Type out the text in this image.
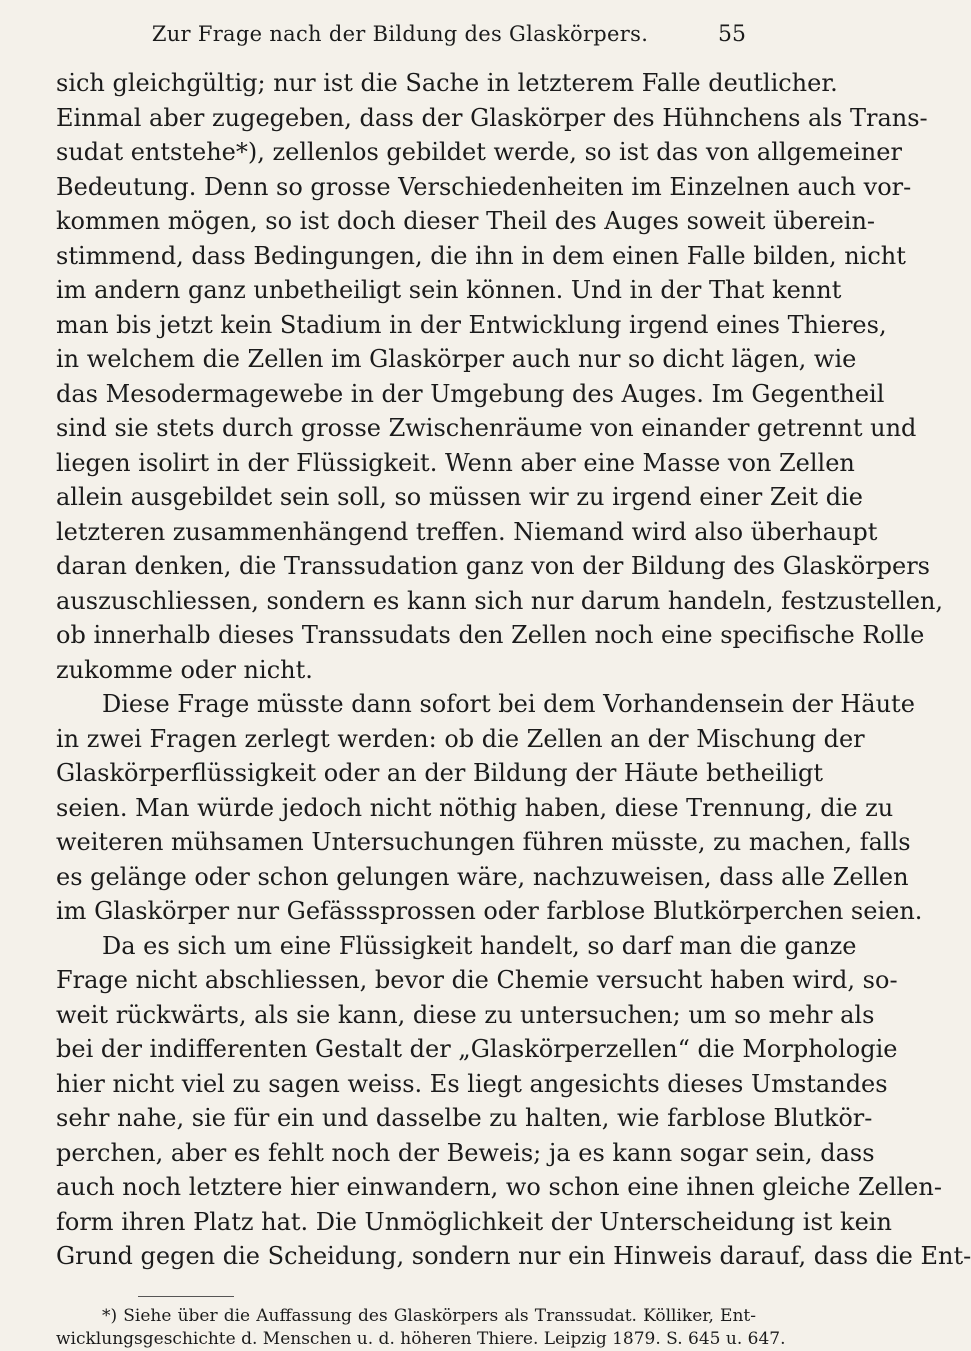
Zur Frage nach der Bildung des Glaskörpers.	55
sich gleichgültig; nur ist die Sache in letzterem Falle deutlicher.
Einmal aber zugegeben, dass der Glaskörper des Hühnchens als Trans-
sudat entstehe*), zellenlos gebildet werde, so ist das von allgemeiner
Bedeutung. Denn so grosse Verschiedenheiten im Einzelnen auch vor-
kommen mögen, so ist doch dieser Theil des Auges soweit überein-
stimmend, dass Bedingungen, die ihn in dem einen Falle bilden, nicht
im andern ganz unbetheiligt sein können. Und in der That kennt
man bis jetzt kein Stadium in der Entwicklung irgend eines Thieres,
in welchem die Zellen im Glaskörper auch nur so dicht lägen, wie
das Mesodermagewebe in der Umgebung des Auges. Im Gegentheil
sind sie stets durch grosse Zwischenräume von einander getrennt und
liegen isolirt in der Flüssigkeit. Wenn aber eine Masse von Zellen
allein ausgebildet sein soll, so müssen wir zu irgend einer Zeit die
letzteren zusammenhängend treffen. Niemand wird also überhaupt
daran denken, die Transsudation ganz von der Bildung des Glaskörpers
auszuschliessen, sondern es kann sich nur darum handeln, festzustellen,
ob innerhalb dieses Transsudats den Zellen noch eine specifische Rolle
zukomme oder nicht.
Diese Frage müsste dann sofort bei dem Vorhandensein der Häute
in zwei Fragen zerlegt werden: ob die Zellen an der Mischung der
Glaskörperflüssigkeit oder an der Bildung der Häute betheiligt
seien. Man würde jedoch nicht nöthig haben, diese Trennung, die zu
weiteren mühsamen Untersuchungen führen müsste, zu machen, falls
es gelänge oder schon gelungen wäre, nachzuweisen, dass alle Zellen
im Glaskörper nur Gefässsprossen oder farblose Blutkörperchen seien.
Da es sich um eine Flüssigkeit handelt, so darf man die ganze
Frage nicht abschliessen, bevor die Chemie versucht haben wird, so-
weit rückwärts, als sie kann, diese zu untersuchen; um so mehr als
bei der indifferenten Gestalt der „Glaskörperzellen“ die Morphologie
hier nicht viel zu sagen weiss. Es liegt angesichts dieses Umstandes
sehr nahe, sie für ein und dasselbe zu halten, wie farblose Blutkör-
perchen, aber es fehlt noch der Beweis; ja es kann sogar sein, dass
auch noch letztere hier einwandern, wo schon eine ihnen gleiche Zellen-
form ihren Platz hat. Die Unmöglichkeit der Unterscheidung ist kein
Grund gegen die Scheidung, sondern nur ein Hinweis darauf, dass die Ent-
*) Siehe über die Auffassung des Glaskörpers als Transsudat. Kölliker, Ent-
wicklungsgeschichte d. Menschen u. d. höheren Thiere. Leipzig 1879. S. 645 u. 647.
